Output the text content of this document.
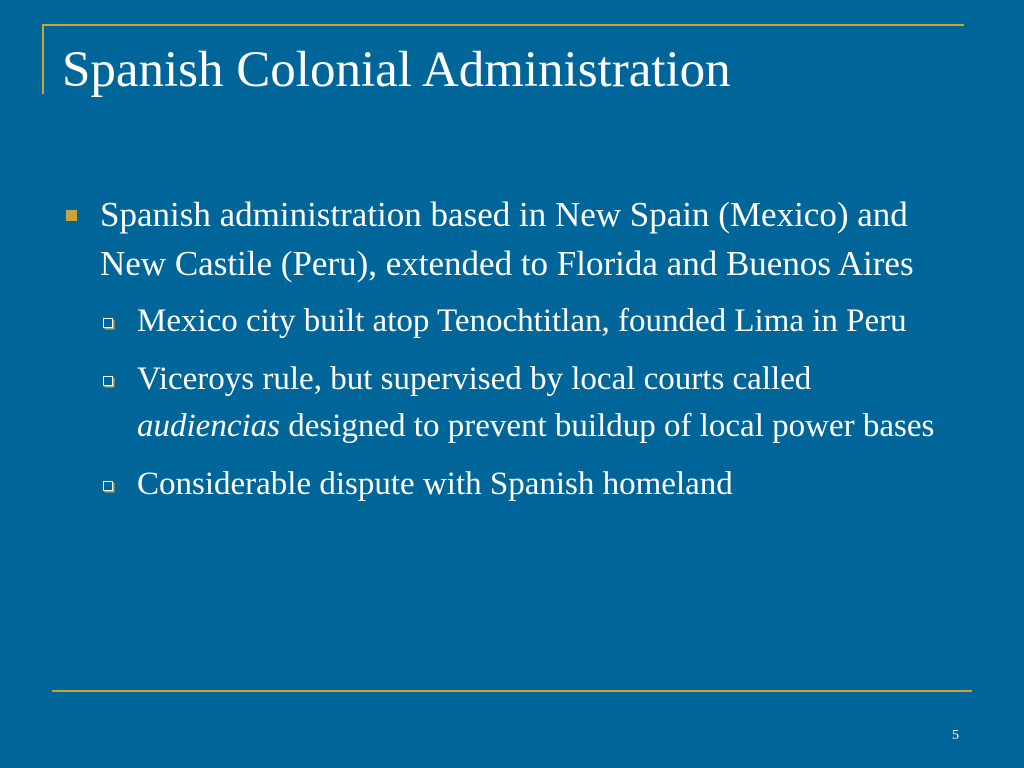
Spanish Colonial Administration
Spanish administration based in New Spain (Mexico) and New Castile (Peru), extended to Florida and Buenos Aires
Mexico city built atop Tenochtitlan, founded Lima in Peru
Viceroys rule, but supervised by local courts called audiencias designed to prevent buildup of local power bases
Considerable dispute with Spanish homeland
5
